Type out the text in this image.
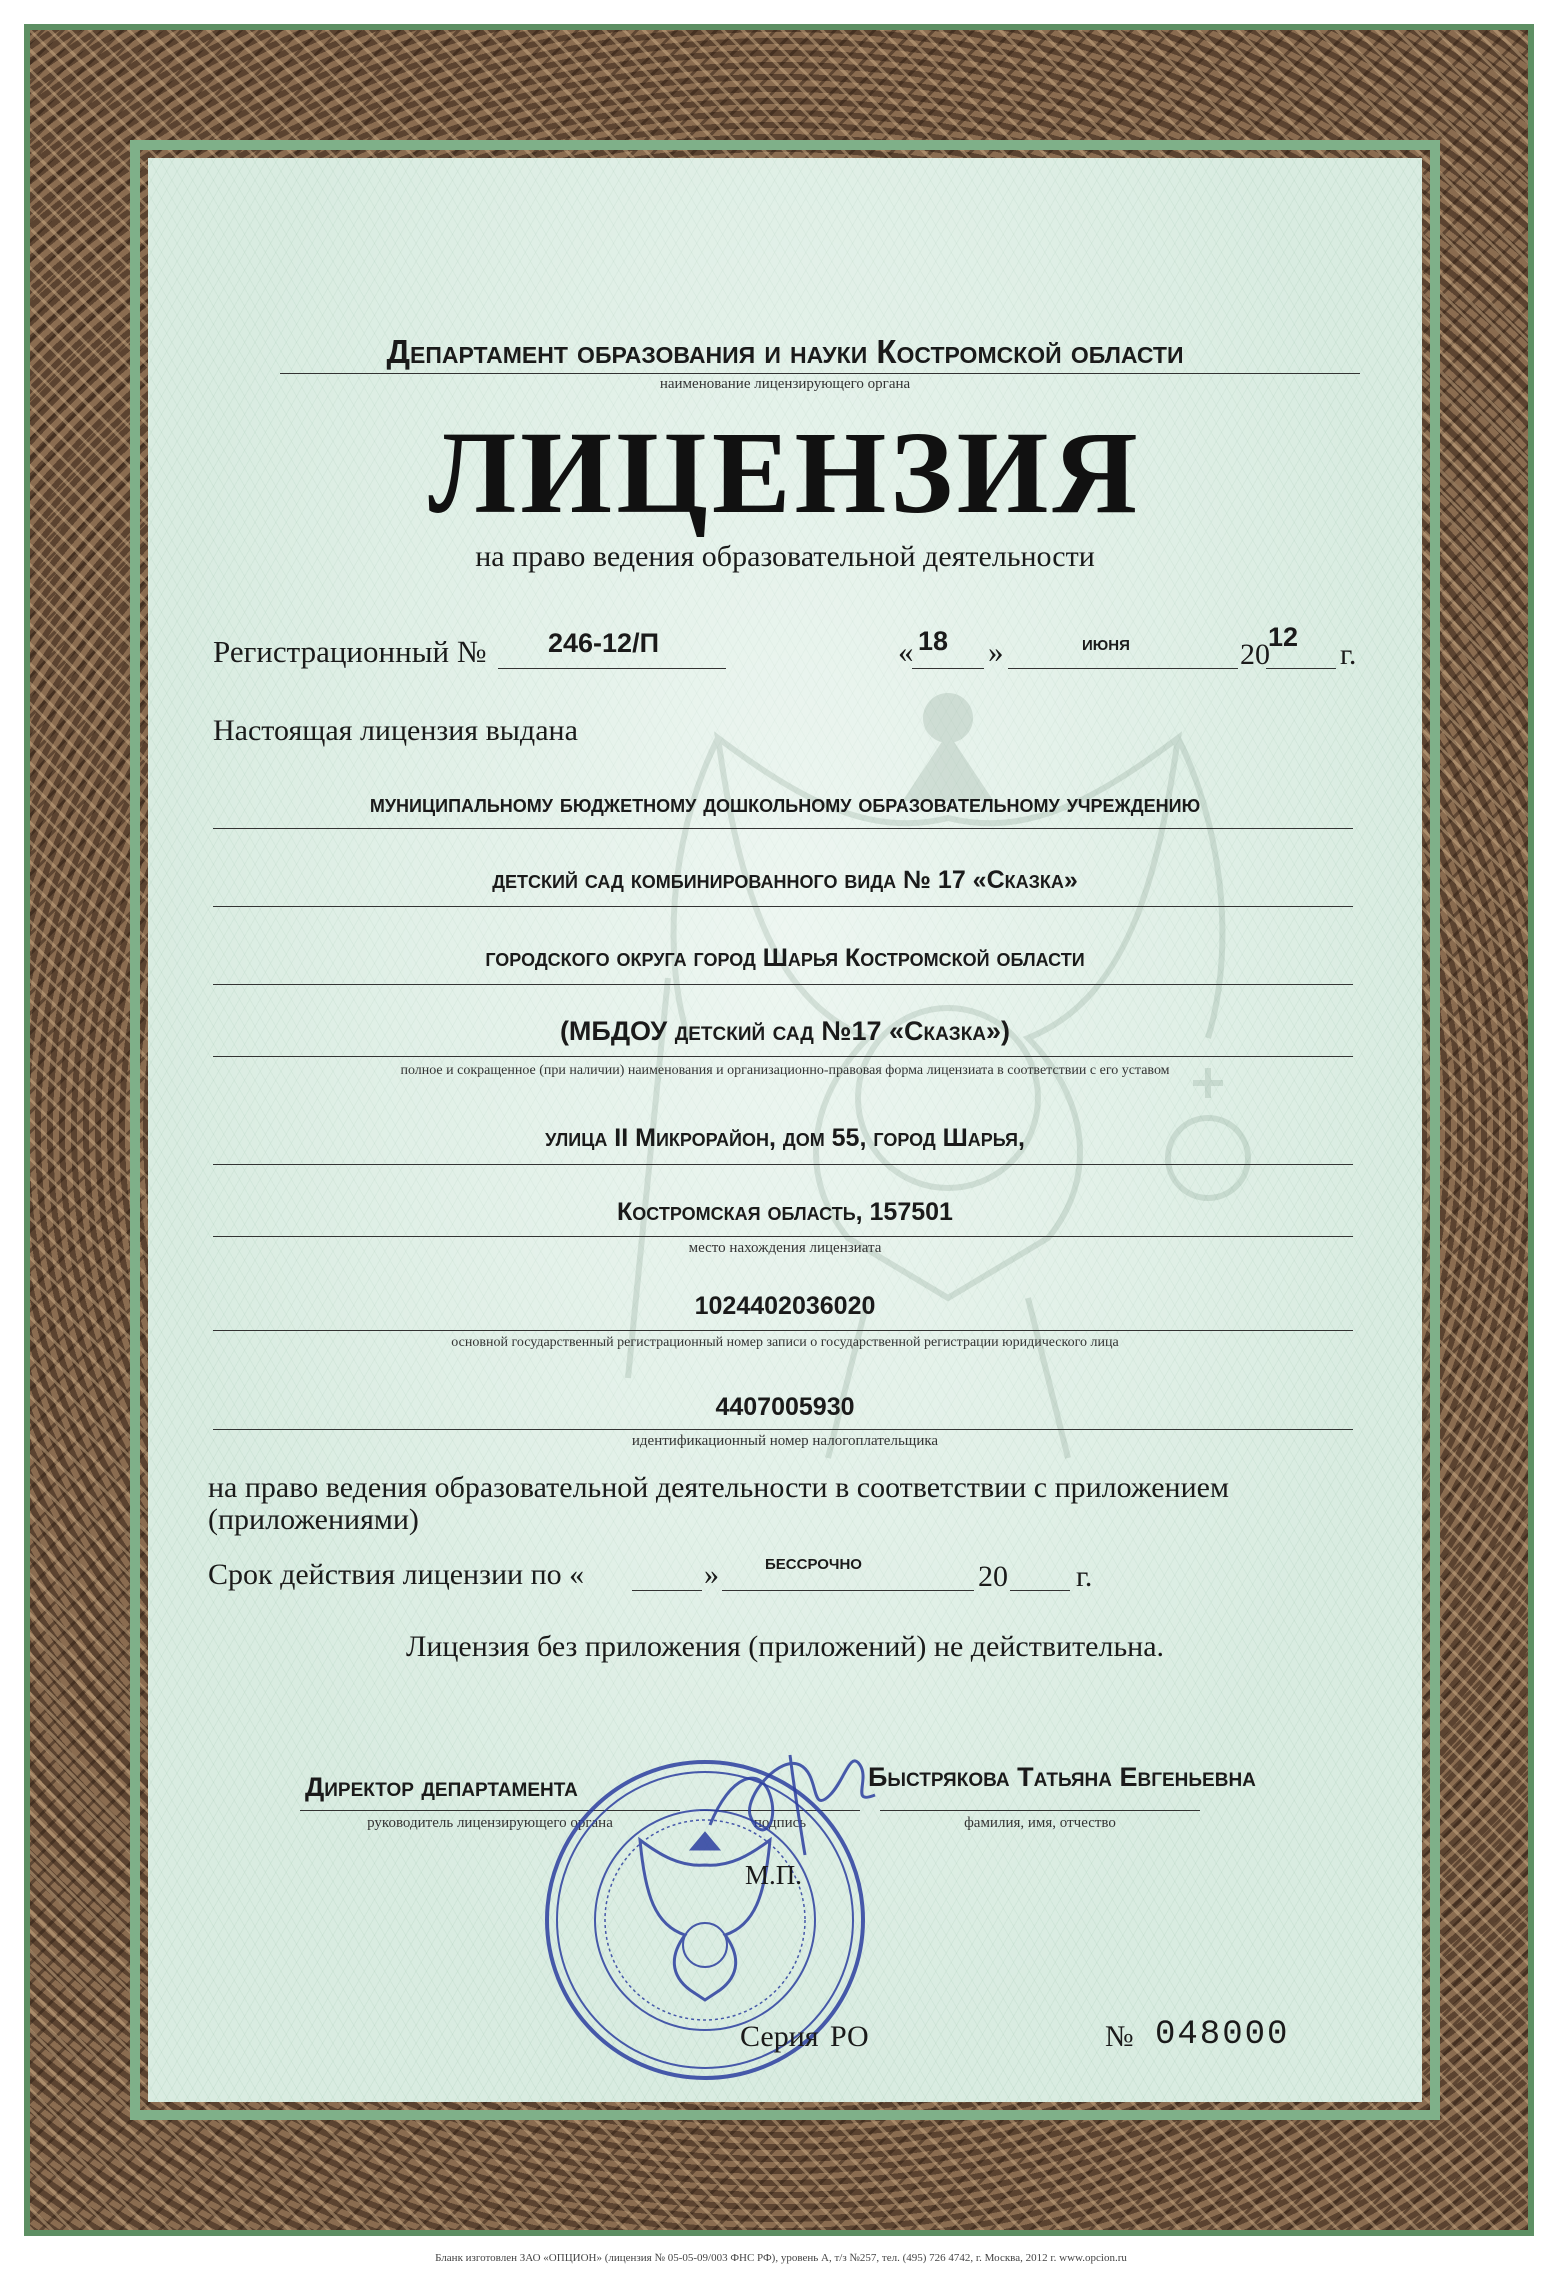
Департамент образования и науки Костромской области
наименование лицензирующего органа
ЛИЦЕНЗИЯ
на право ведения образовательной деятельности
Регистрационный № 246-12/П	« 18 »	июня	20
12
г.
Настоящая лицензия выдана
муниципальному бюджетному дошкольному образовательному учреждению
детский сад комбинированного вида № 17 «Сказка»
городского округа город Шарья Костромской области
(МБДОУ детский сад №17 «Сказка»)
полное и сокращенное (при наличии) наименования и организационно-правовая форма лицензиата в соответствии с его уставом
улица II Микрорайон, дом 55, город Шарья,
Костромская область, 157501
место нахождения лицензиата
1024402036020
основной государственный регистрационный номер записи о государственной регистрации юридического лица
4407005930
идентификационный номер налогоплательщика
на право ведения образовательной деятельности в соответствии с приложением
(приложениями)
Срок действия лицензии по «	» бессрочно	20 г.
Лицензия без приложения (приложений) не действительна.
Директор департамента
руководитель лицензирующего органа	подпись
Быстрякова Татьяна Евгеньевна
фамилия, имя, отчество
М.П.
Серия РО	№ 048000
Бланк изготовлен ЗАО «ОПЦИОН» (лицензия № 05-05-09/003 ФНС РФ), уровень А, т/з №257, тел. (495) 726 4742, г. Москва, 2012 г. www.opcion.ru
